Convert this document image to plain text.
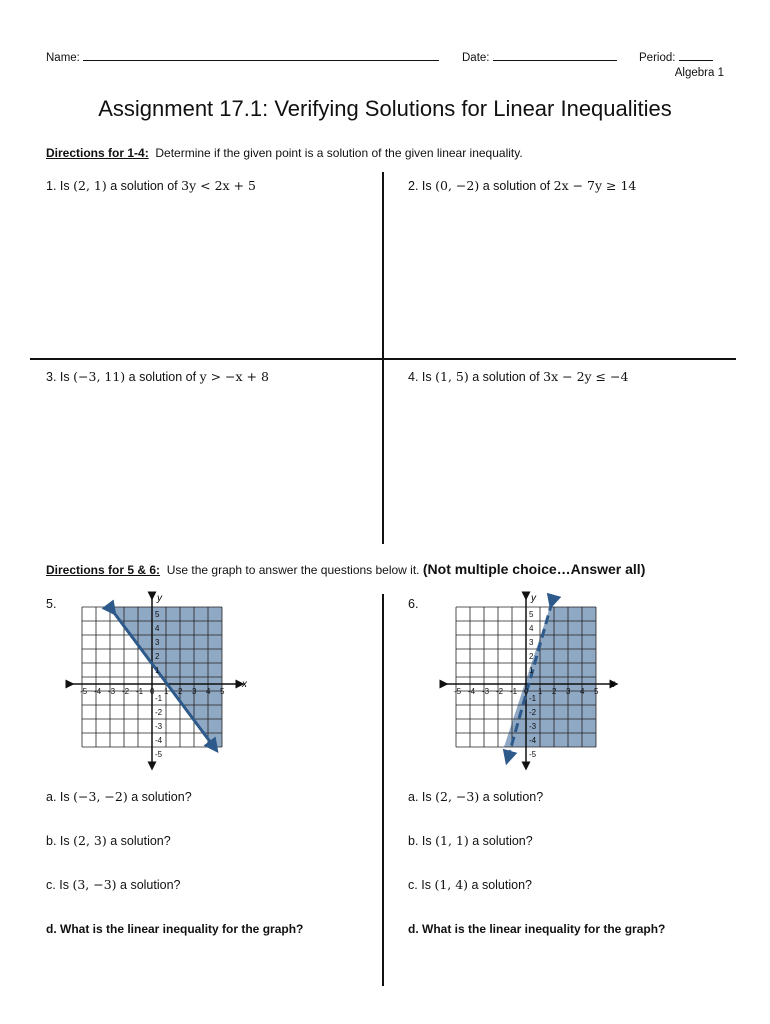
Name:	Date:	Period:
Algebra 1
Assignment 17.1: Verifying Solutions for Linear Inequalities
Directions for 1-4: Determine if the given point is a solution of the given linear inequality.
1. Is (2, 1) a solution of 3y < 2x + 5	2. Is (0, −2) a solution of 2x − 7y ≥ 14
3. Is (−3, 11) a solution of y > −x + 8	4. Is (1, 5) a solution of 3x − 2y ≤ −4
Directions for 5 & 6: Use the graph to answer the questions below it. (Not multiple choice…Answer all)
5.
-5 -4 -3 -2 -1 0 1 2 3 4 5
5
4
3
2
1
-1
-2
-3
-4
-5
x
y	6.
-5 -4 -3 -2 -1 0 1 2 3 4 5
5
4
3
2
1
-1
-2
-3
-4
-5
x
y
a. Is (−3, −2) a solution?
b. Is (2, 3) a solution?
c. Is (3, −3) a solution?
d. What is the linear inequality for the graph?
a. Is (2, −3) a solution?
b. Is (1, 1) a solution?
c. Is (1, 4) a solution?
d. What is the linear inequality for the graph?
